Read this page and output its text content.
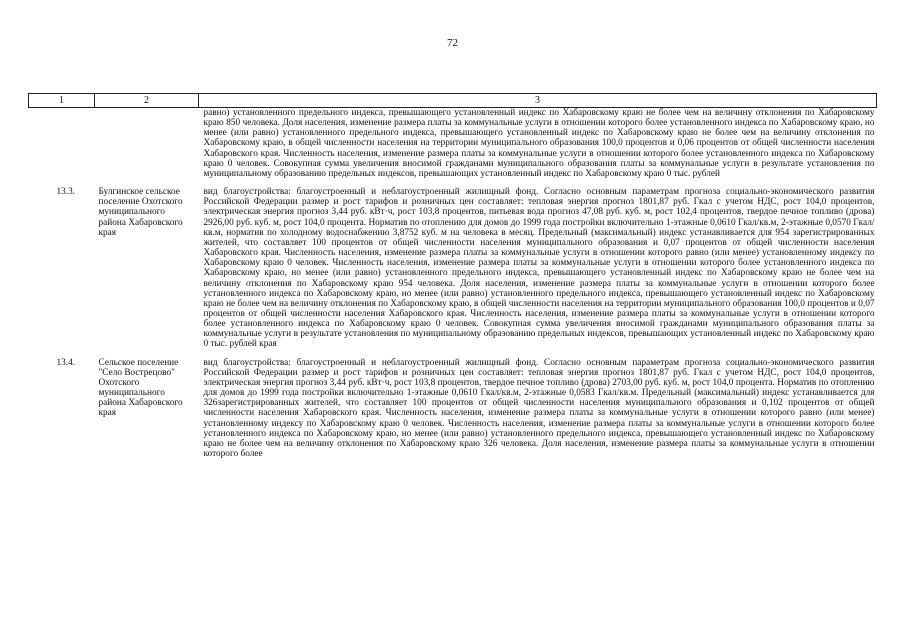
72
1	2	3
		равно) установленного предельного индекса, превышающего установленный индекс по Хабаровскому краю не более чем на величину отклонения по Хабаровскому краю 850 человека. Доля населения, изменение размера платы за коммунальные услуги в отношении которого более установленного индекса по Хабаровскому краю, но менее (или равно) установленного предельного индекса, превышающего установленный индекс по Хабаровскому краю не более чем на величину отклонения по Хабаровскому краю, в общей численности населения на территории муниципального образования 100,0 процентов и 0,06 процентов от общей численности населения Хабаровского края. Численность населения, изменение размера платы за коммунальные услуги в отношении которого более установленного индекса по Хабаровскому краю 0 человек. Совокупная сумма увеличения вносимой гражданами муниципального образования платы за коммунальные услуги в результате установления по муниципальному образованию предельных индексов, превышающих установленный индекс по Хабаровскому краю 0 тыс. рублей

13.3.	Булгинское сельское поселение Охотского муниципального района Хабаровского края	вид благоустройства: благоустроенный и неблагоустроенный жилищный фонд. Согласно основным параметрам прогноза социально-экономического развития Российской Федерации размер и рост тарифов и розничных цен составляет: тепловая энергия прогноз 1801,87 руб. Гкал с учетом НДС, рост 104,0 процентов, электрическая энергия прогноз 3,44 руб. кВт·ч, рост 103,8 процентов, питьевая вода прогноз 47,08 руб. куб. м, рост 102,4 процентов, твердое печное топливо (дрова) 2926,00 руб. куб. м, рост 104,0 процента. Норматив по отоплению для домов до 1999 года постройки включительно 1-этажные 0,0610 Гкал/кв.м, 2-этажные 0,0570 Гкал/кв.м, норматив по холодному водоснабжению 3,8752 куб. м на человека в месяц. Предельный (максимальный) индекс устанавливается для 954 зарегистрированных жителей, что составляет 100 процентов от общей численности населения муниципального образования и 0,07 процентов от общей численности населения Хабаровского края. Численность населения, изменение размера платы за коммунальные услуги в отношении которого равно (или менее) установленному индексу по Хабаровскому краю 0 человек. Численность населения, изменение размера платы за коммунальные услуги в отношении которого более установленного индекса по Хабаровскому краю, но менее (или равно) установленного предельного индекса, превышающего установленный индекс по Хабаровскому краю не более чем на величину отклонения по Хабаровскому краю 954 человека. Доля населения, изменение размера платы за коммунальные услуги в отношении которого более установленного индекса по Хабаровскому краю, но менее (или равно) установленного предельного индекса, превышающего установленный индекс по Хабаровскому краю не более чем на величину отклонения по Хабаровскому краю, в общей численности населения на территории муниципального образования 100,0 процентов и 0,07 процентов от общей численности населения Хабаровского края. Численность населения, изменение размера платы за коммунальные услуги в отношении которого более установленного индекса по Хабаровскому краю 0 человек. Совокупная сумма увеличения вносимой гражданами муниципального образования платы за коммунальные услуги в результате установления по муниципальному образованию предельных индексов, превышающих установленный индекс по Хабаровскому краю 0 тыс. рублей края

13.4.	Сельское поселение "Село Вострецово" Охотского муниципального района Хабаровского края	вид благоустройства: благоустроенный и неблагоустроенный жилищный фонд. Согласно основным параметрам прогноза социально-экономического развития Российской Федерации размер и рост тарифов и розничных цен составляет: тепловая энергия прогноз 1801,87 руб. Гкал с учетом НДС, рост 104,0 процентов, электрическая энергия прогноз 3,44 руб. кВт·ч, рост 103,8 процентов, твердое печное топливо (дрова) 2703,00 руб. куб. м, рост 104,0 процента. Норматив по отоплению для домов до 1999 года постройки включительно 1-этажные 0,0610 Гкал/кв.м, 2-этажные 0,0583 Гкал/кв.м. Предельный (максимальный) индекс устанавливается для 326зарегистрированных жителей, что составляет 100 процентов от общей численности населения муниципального образования и 0,102 процентов от общей численности населения Хабаровского края. Численность населения, изменение размера платы за коммунальные услуги в отношении которого равно (или менее) установленному индексу по Хабаровскому краю 0 человек. Численность населения, изменение размера платы за коммунальные услуги в отношении которого более установленного индекса по Хабаровскому краю, но менее (или равно) установленного предельного индекса, превышающего установленный индекс по Хабаровскому краю не более чем на величину отклонения по Хабаровскому краю 326 человека. Доля населения, изменение размера платы за коммунальные услуги в отношении которого более
